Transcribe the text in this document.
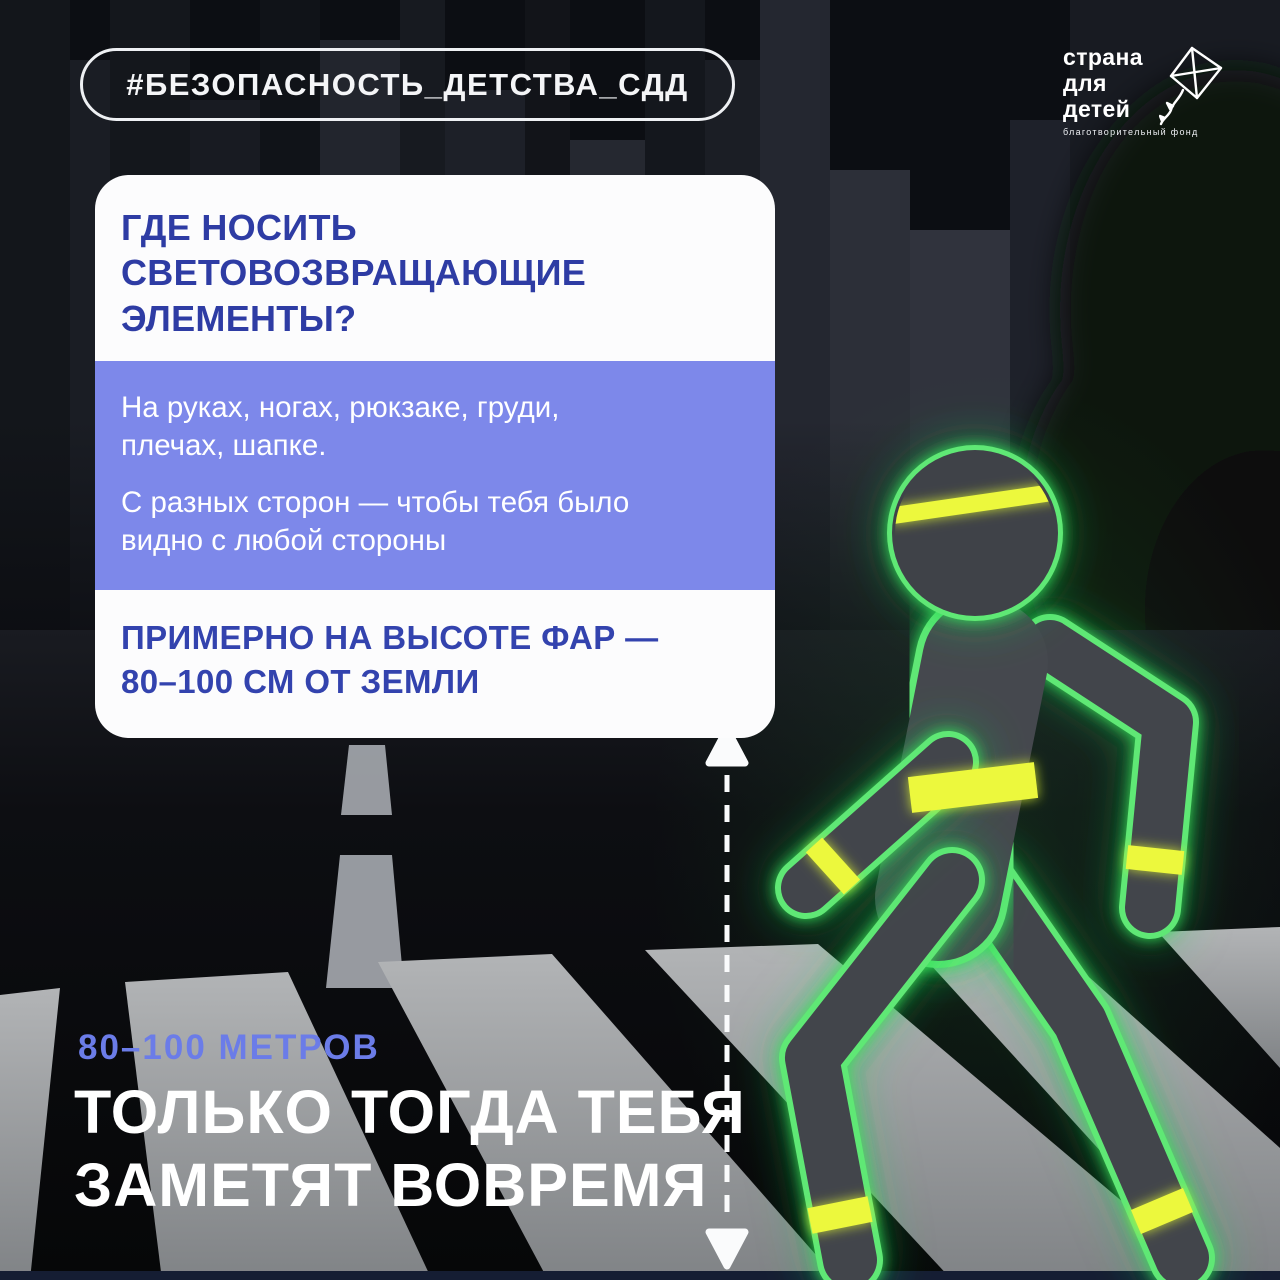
#БЕЗОПАСНОСТЬ_ДЕТСТВА_СДД
страна
для
детей
благотворительный фонд
ГДЕ НОСИТЬ
СВЕТОВОЗВРАЩАЮЩИЕ
ЭЛЕМЕНТЫ?

На руках, ногах, рюкзаке, груди, плечах, шапке.

С разных сторон — чтобы тебя было видно с любой стороны

ПРИМЕРНО НА ВЫСОТЕ ФАР —
80–100 СМ ОТ ЗЕМЛИ
80–100 МЕТРОВ
ТОЛЬКО ТОГДА ТЕБЯ
ЗАМЕТЯТ ВОВРЕМЯ
